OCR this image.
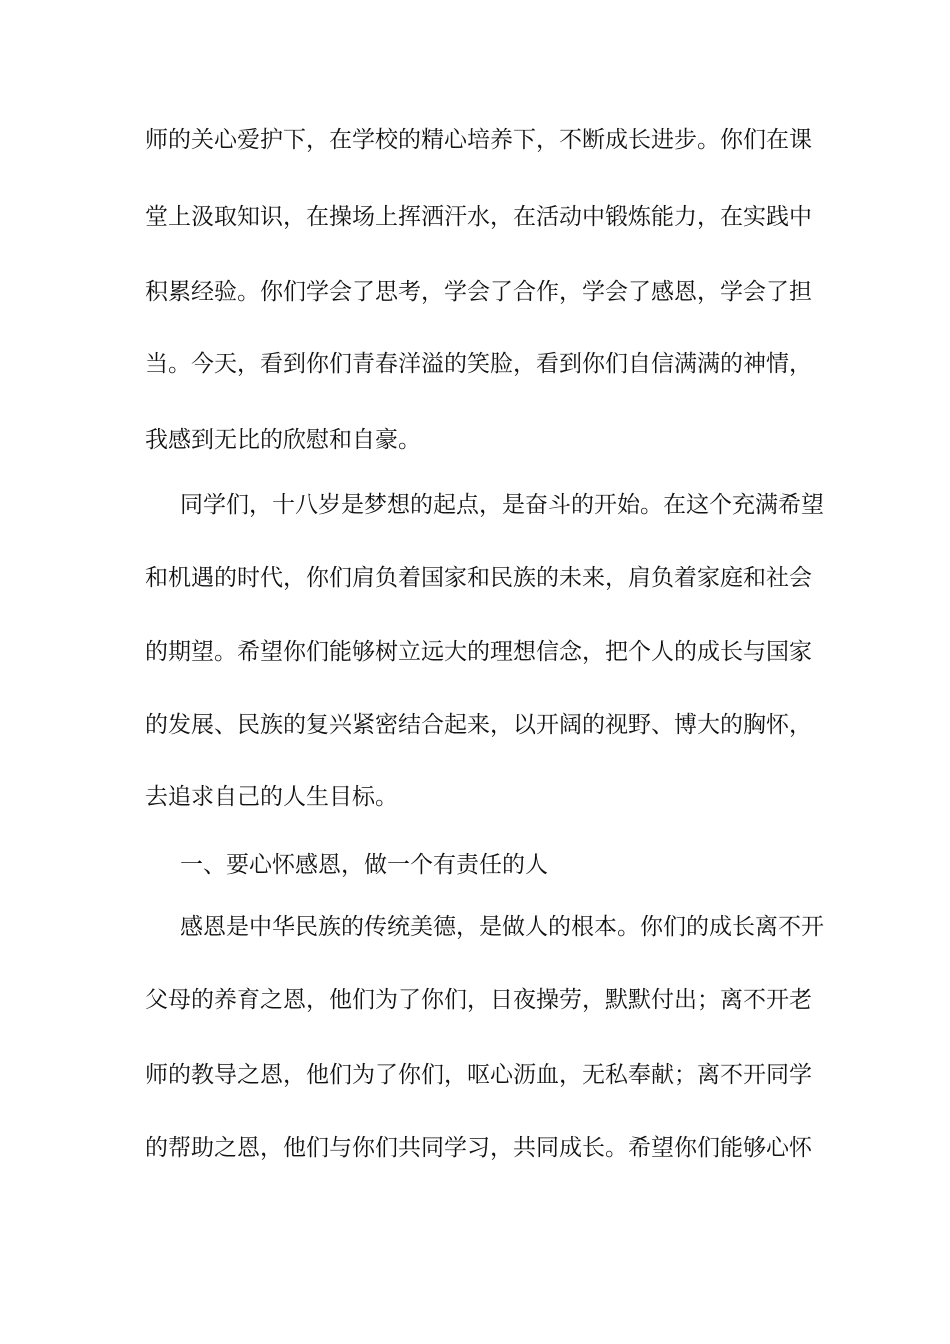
师的关心爱护下，在学校的精心培养下，不断成长进步。你们在课
堂上汲取知识，在操场上挥洒汗水，在活动中锻炼能力，在实践中
积累经验。你们学会了思考，学会了合作，学会了感恩，学会了担
当。今天，看到你们青春洋溢的笑脸，看到你们自信满满的神情，
我感到无比的欣慰和自豪。
同学们，十八岁是梦想的起点，是奋斗的开始。在这个充满希望
和机遇的时代，你们肩负着国家和民族的未来，肩负着家庭和社会
的期望。希望你们能够树立远大的理想信念，把个人的成长与国家
的发展、民族的复兴紧密结合起来，以开阔的视野、博大的胸怀，
去追求自己的人生目标。
一、要心怀感恩，做一个有责任的人
感恩是中华民族的传统美德，是做人的根本。你们的成长离不开
父母的养育之恩，他们为了你们，日夜操劳，默默付出；离不开老
师的教导之恩，他们为了你们，呕心沥血，无私奉献；离不开同学
的帮助之恩，他们与你们共同学习，共同成长。希望你们能够心怀
